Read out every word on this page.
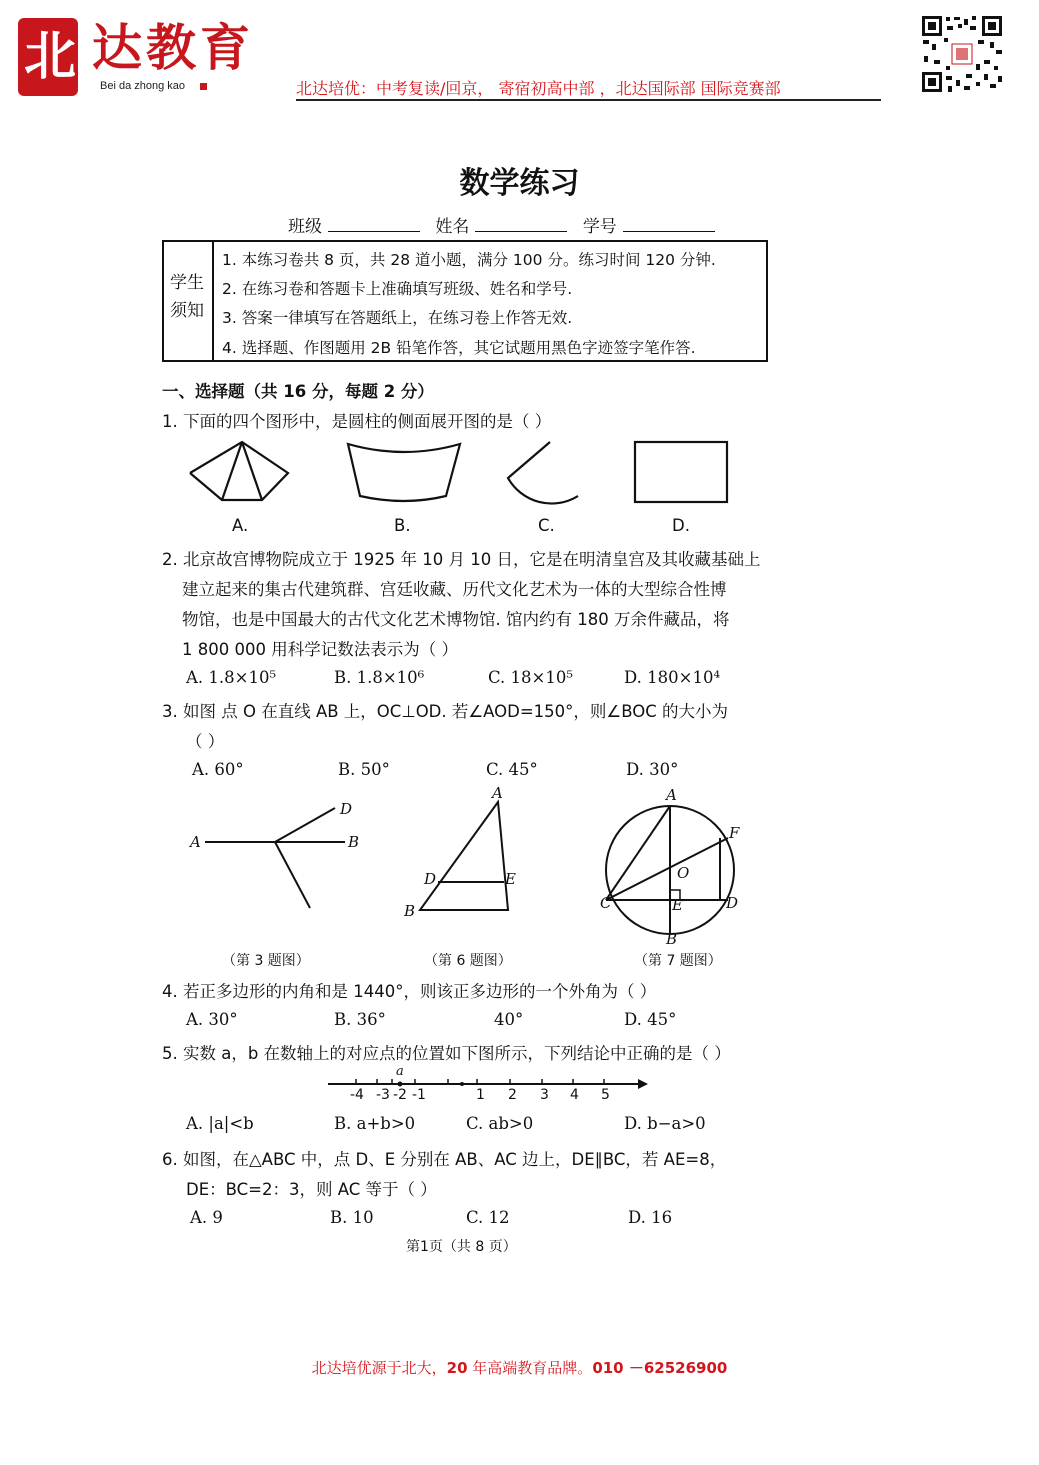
北 达教育
Bei da zhong kao	北达培优：中考复读/回京， 寄宿初高中部 ，北达国际部 国际竞赛部
数学练习
班级	姓名	学号
学生
须知
1. 本练习卷共 8 页，共 28 道小题，满分 100 分。练习时间 120 分钟.
2. 在练习卷和答题卡上准确填写班级、姓名和学号.
3. 答案一律填写在答题纸上，在练习卷上作答无效.
4. 选择题、作图题用 2B 铅笔作答，其它试题用黑色字迹签字笔作答.
一、选择题（共 16 分，每题 2 分）
1. 下面的四个图形中，是圆柱的侧面展开图的是（ ）
A.	B.	C.	D.
2. 北京故宫博物院成立于 1925 年 10 月 10 日，它是在明清皇宫及其收藏基础上
建立起来的集古代建筑群、宫廷收藏、历代文化艺术为一体的大型综合性博
物馆，也是中国最大的古代文化艺术博物馆. 馆内约有 180 万余件藏品，将
1 800 000 用科学记数法表示为（ ）
A. 1.8×10⁵	B. 1.8×10⁶	C. 18×10⁵	D. 180×10⁴
3. 如图 点 O 在直线 AB 上，OC⊥OD. 若∠AOD=150°，则∠BOC 的大小为
（ ）
A. 60°	B. 50°	C. 45°	D. 30°
A	B
D
A
D	E
B
A
F
O
C	E	D
B
（第 3 题图）	（第 6 题图）	（第 7 题图）
4. 若正多边形的内角和是 1440°，则该正多边形的一个外角为（ ）
A. 30°	B. 36°	40°	D. 45°
5. 实数 a，b 在数轴上的对应点的位置如下图所示，下列结论中正确的是（ ）
a
-4 -3 -2 -1	1 2 3 4 5
A. |a|<b	B. a+b>0	C. ab>0	D. b−a>0
6. 如图，在△ABC 中，点 D、E 分别在 AB、AC 边上，DE∥BC，若 AE=8，
DE：BC=2：3，则 AC 等于（ ）
A. 9	B. 10	C. 12	D. 16
第1页（共 8 页）
北达培优源于北大，20 年高端教育品牌。010 －62526900
